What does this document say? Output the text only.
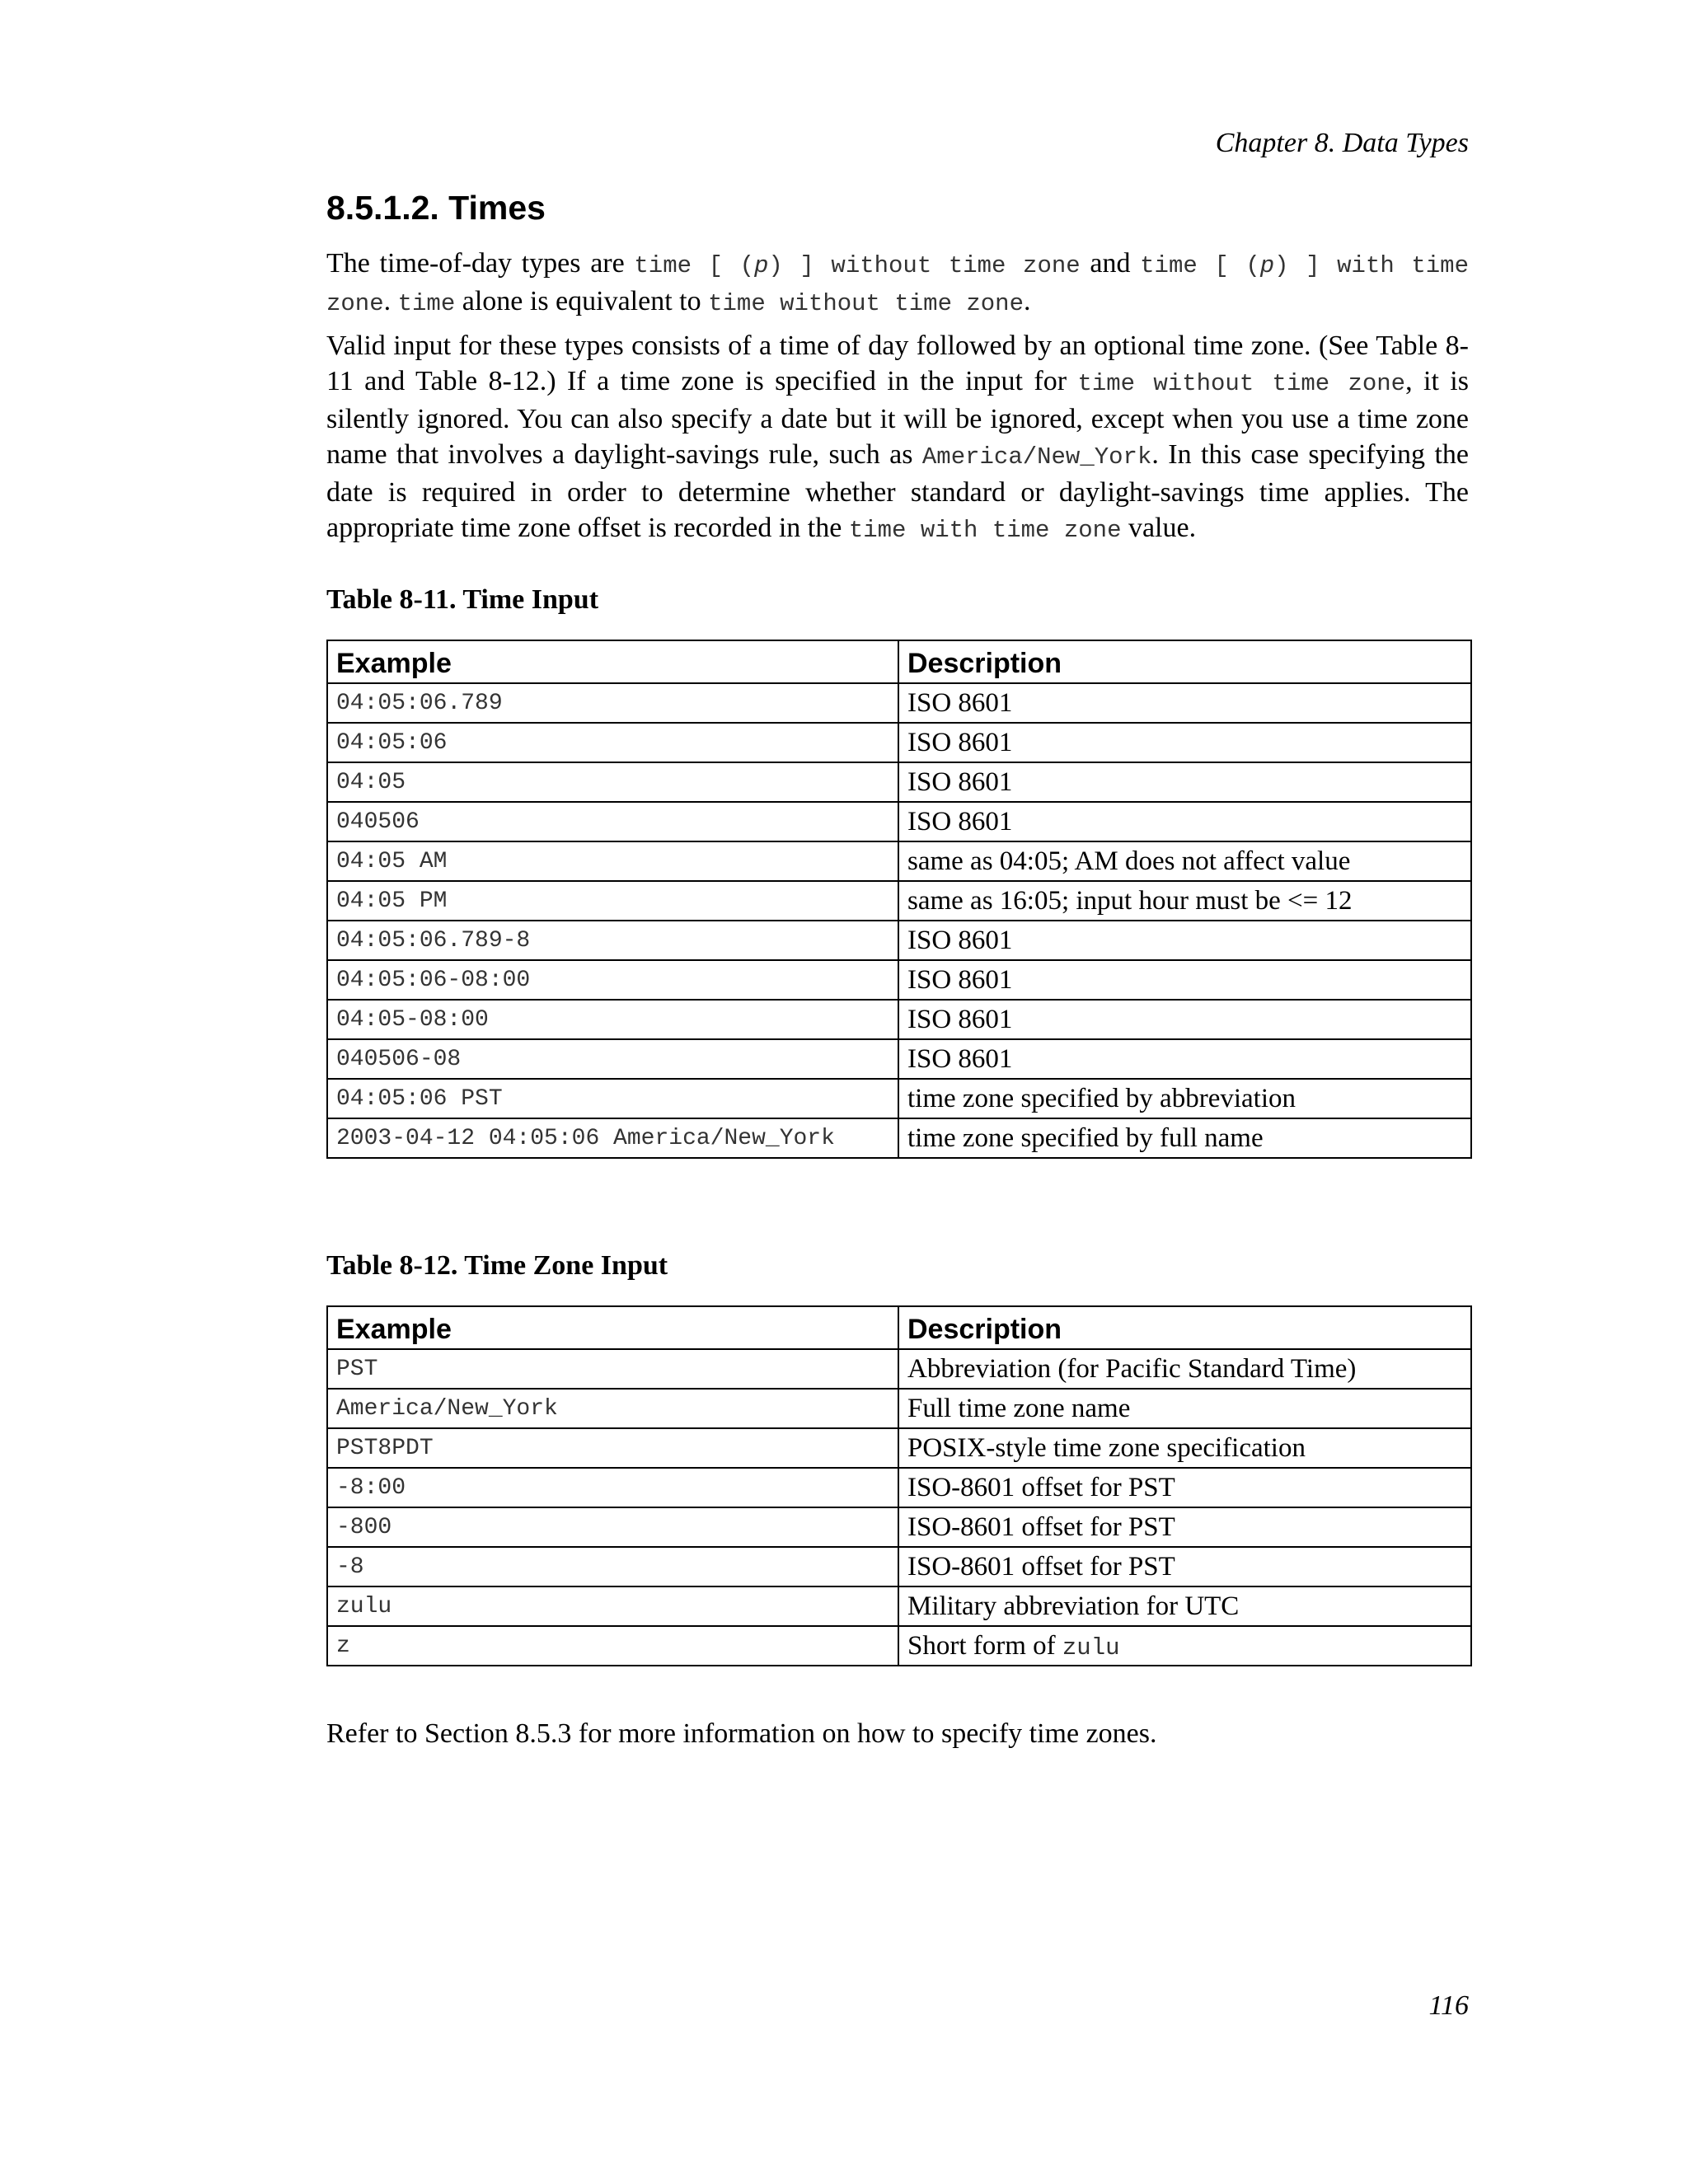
Chapter 8. Data Types
8.5.1.2. Times

The time-of-day types are time [ (p) ] without time zone and time [ (p) ] with time zone. time alone is equivalent to time without time zone.

Valid input for these types consists of a time of day followed by an optional time zone. (See Table 8-11 and Table 8-12.) If a time zone is specified in the input for time without time zone, it is silently ignored. You can also specify a date but it will be ignored, except when you use a time zone name that involves a daylight-savings rule, such as America/New_York. In this case specifying the date is required in order to determine whether standard or daylight-savings time applies. The appropriate time zone offset is recorded in the time with time zone value.

Table 8-11. Time Input

Example	Description
04:05:06.789	ISO 8601
04:05:06	ISO 8601
04:05	ISO 8601
040506	ISO 8601
04:05 AM	same as 04:05; AM does not affect value
04:05 PM	same as 16:05; input hour must be <= 12
04:05:06.789-8	ISO 8601
04:05:06-08:00	ISO 8601
04:05-08:00	ISO 8601
040506-08	ISO 8601
04:05:06 PST	time zone specified by abbreviation
2003-04-12 04:05:06 America/New_York	time zone specified by full name

Table 8-12. Time Zone Input

Example	Description
PST	Abbreviation (for Pacific Standard Time)
America/New_York	Full time zone name
PST8PDT	POSIX-style time zone specification
-8:00	ISO-8601 offset for PST
-800	ISO-8601 offset for PST
-8	ISO-8601 offset for PST
zulu	Military abbreviation for UTC
z	Short form of zulu

Refer to Section 8.5.3 for more information on how to specify time zones.

116
